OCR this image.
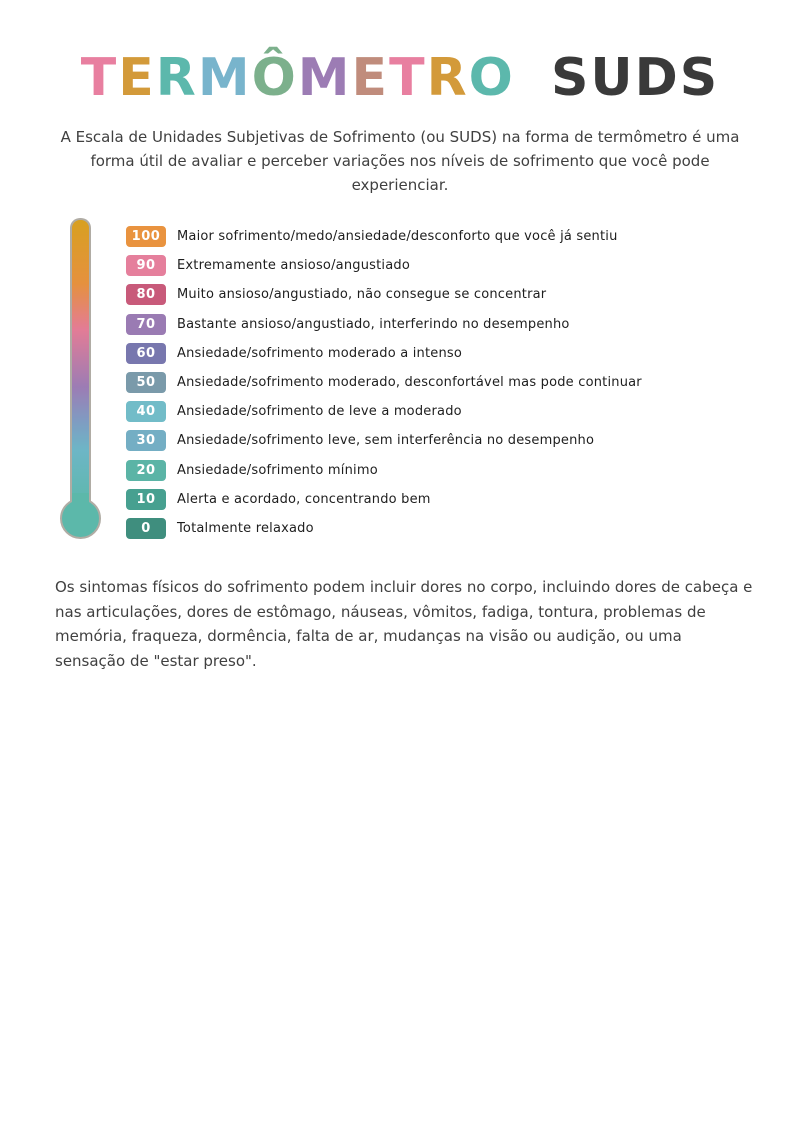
TERMÔMETRO SUDS

A Escala de Unidades Subjetivas de Sofrimento (ou SUDS) na forma de termômetro é uma forma útil de avaliar e perceber variações nos níveis de sofrimento que você pode experienciar.

100	Maior sofrimento/medo/ansiedade/desconforto que você já sentiu
90	Extremamente ansioso/angustiado
80	Muito ansioso/angustiado, não consegue se concentrar
70	Bastante ansioso/angustiado, interferindo no desempenho
60	Ansiedade/sofrimento moderado a intenso
50	Ansiedade/sofrimento moderado, desconfortável mas pode continuar
40	Ansiedade/sofrimento de leve a moderado
30	Ansiedade/sofrimento leve, sem interferência no desempenho
20	Ansiedade/sofrimento mínimo
10	Alerta e acordado, concentrando bem
0	Totalmente relaxado

Os sintomas físicos do sofrimento podem incluir dores no corpo, incluindo dores de cabeça e nas articulações, dores de estômago, náuseas, vômitos, fadiga, tontura, problemas de memória, fraqueza, dormência, falta de ar, mudanças na visão ou audição, ou uma sensação de "estar preso".
